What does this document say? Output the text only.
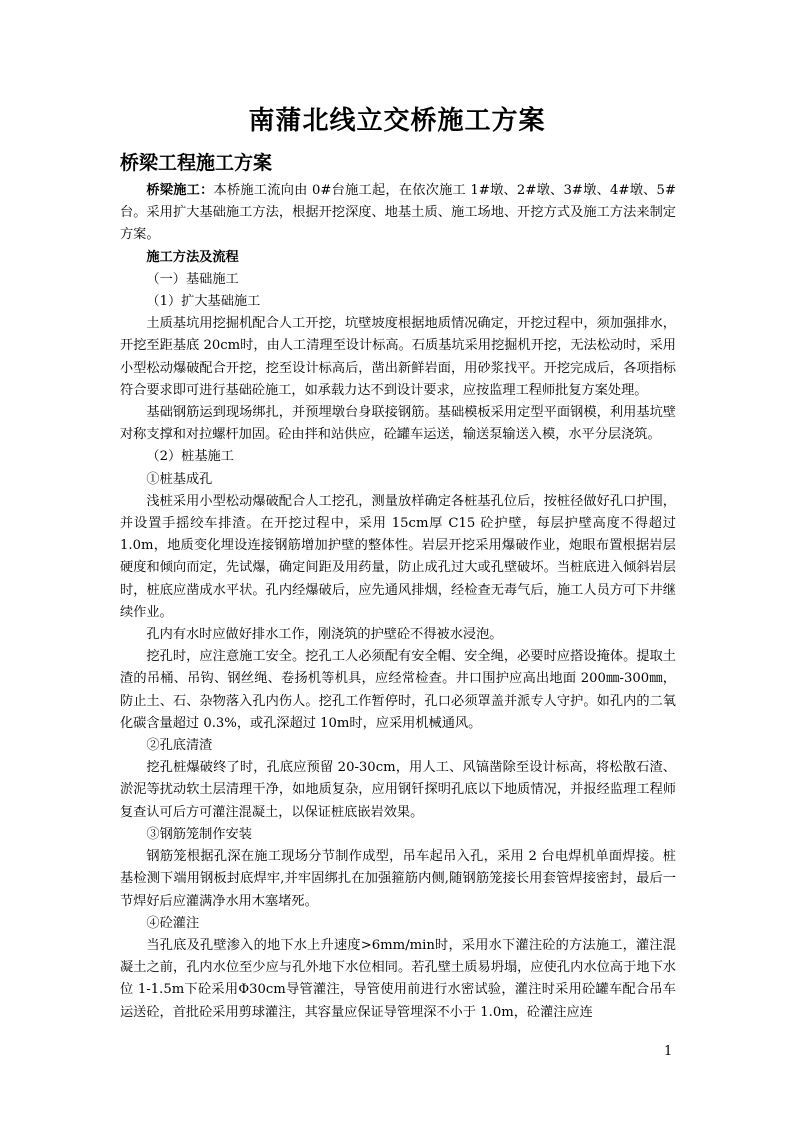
南蒲北线立交桥施工方案
桥梁工程施工方案

桥梁施工：本桥施工流向由 0#台施工起，在依次施工 1#墩、2#墩、3#墩、4#墩、5#台。采用扩大基础施工方法，根据开挖深度、地基土质、施工场地、开挖方式及施工方法来制定方案。

施工方法及流程

（一）基础施工

（1）扩大基础施工

土质基坑用挖掘机配合人工开挖，坑壁坡度根据地质情况确定，开挖过程中，须加强排水，开挖至距基底 20cm时，由人工清理至设计标高。石质基坑采用挖掘机开挖，无法松动时，采用小型松动爆破配合开挖，挖至设计标高后，凿出新鲜岩面，用砂浆找平。开挖完成后，各项指标符合要求即可进行基础砼施工，如承载力达不到设计要求，应按监理工程师批复方案处理。

基础钢筋运到现场绑扎，并预埋墩台身联接钢筋。基础模板采用定型平面钢模，利用基坑壁对称支撑和对拉螺杆加固。砼由拌和站供应，砼罐车运送，输送泵输送入模，水平分层浇筑。

（2）桩基施工

①桩基成孔

浅桩采用小型松动爆破配合人工挖孔，测量放样确定各桩基孔位后，按桩径做好孔口护围，并设置手摇绞车排渣。在开挖过程中，采用 15cm厚 C15 砼护壁，每层护壁高度不得超过 1.0m，地质变化埋设连接钢筋增加护壁的整体性。岩层开挖采用爆破作业，炮眼布置根据岩层硬度和倾向而定，先试爆，确定间距及用药量，防止成孔过大或孔壁破坏。当桩底进入倾斜岩层时，桩底应凿成水平状。孔内经爆破后，应先通风排烟，经检查无毒气后，施工人员方可下井继续作业。

孔内有水时应做好排水工作，刚浇筑的护壁砼不得被水浸泡。

挖孔时，应注意施工安全。挖孔工人必须配有安全帽、安全绳，必要时应搭设掩体。提取土渣的吊桶、吊钩、钢丝绳、卷扬机等机具，应经常检查。井口围护应高出地面 200㎜-300㎜，防止土、石、杂物落入孔内伤人。挖孔工作暂停时，孔口必须罩盖并派专人守护。如孔内的二氧化碳含量超过 0.3%，或孔深超过 10m时，应采用机械通风。

②孔底清渣

挖孔桩爆破终了时，孔底应预留 20-30cm，用人工、风镐凿除至设计标高，将松散石渣、淤泥等扰动软土层清理干净，如地质复杂，应用钢钎探明孔底以下地质情况，并报经监理工程师复查认可后方可灌注混凝土，以保证桩底嵌岩效果。

③钢筋笼制作安装

钢筋笼根据孔深在施工现场分节制作成型，吊车起吊入孔，采用 2 台电焊机单面焊接。桩基检测下端用钢板封底焊牢,并牢固绑扎在加强箍筋内侧,随钢筋笼接长用套管焊接密封，最后一节焊好后应灌满净水用木塞堵死。

④砼灌注

当孔底及孔壁渗入的地下水上升速度>6mm/min时，采用水下灌注砼的方法施工，灌注混凝土之前，孔内水位至少应与孔外地下水位相同。若孔壁土质易坍塌，应使孔内水位高于地下水位 1-1.5m下砼采用Φ30cm导管灌注，导管使用前进行水密试验，灌注时采用砼罐车配合吊车运送砼，首批砼采用剪球灌注，其容量应保证导管埋深不小于 1.0m，砼灌注应连

1
